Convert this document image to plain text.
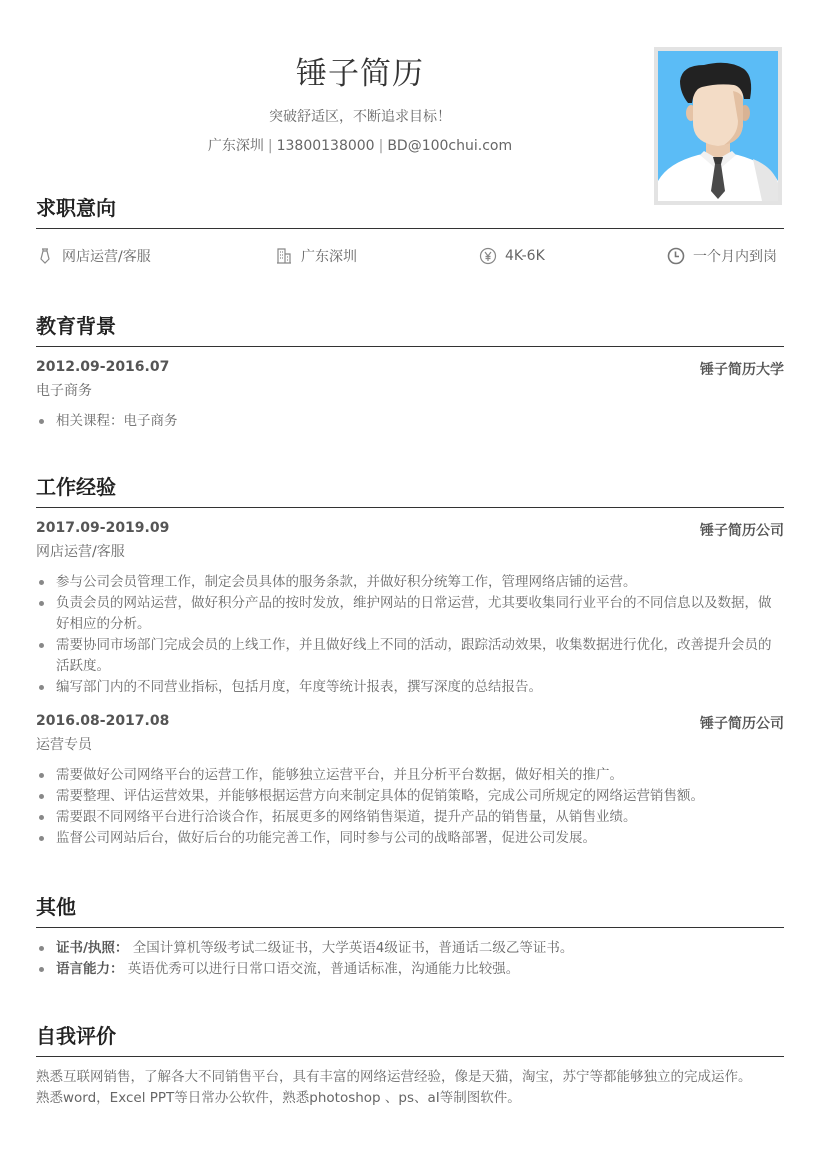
锤子简历
突破舒适区，不断追求目标！
广东深圳 | 13800138000 | BD@100chui.com
求职意向
网店运营/客服	广东深圳	4K-6K	一个月内到岗
教育背景
2012.09-2016.07	锤子简历大学
电子商务
相关课程：电子商务
工作经验
2017.09-2019.09	锤子简历公司
网店运营/客服
参与公司会员管理工作，制定会员具体的服务条款，并做好积分统筹工作，管理网络店铺的运营。
负责会员的网站运营，做好积分产品的按时发放，维护网站的日常运营，尤其要收集同行业平台的不同信息以及数据，做好相应的分析。
需要协同市场部门完成会员的上线工作，并且做好线上不同的活动，跟踪活动效果，收集数据进行优化，改善提升会员的活跃度。
编写部门内的不同营业指标，包括月度，年度等统计报表，撰写深度的总结报告。
2016.08-2017.08	锤子简历公司
运营专员
需要做好公司网络平台的运营工作，能够独立运营平台，并且分析平台数据，做好相关的推广。
需要整理、评估运营效果，并能够根据运营方向来制定具体的促销策略，完成公司所规定的网络运营销售额。
需要跟不同网络平台进行洽谈合作，拓展更多的网络销售渠道，提升产品的销售量，从销售业绩。
监督公司网站后台，做好后台的功能完善工作，同时参与公司的战略部署，促进公司发展。
其他
证书/执照： 全国计算机等级考试二级证书，大学英语4级证书，普通话二级乙等证书。
语言能力： 英语优秀可以进行日常口语交流，普通话标准，沟通能力比较强。
自我评价
熟悉互联网销售，了解各大不同销售平台，具有丰富的网络运营经验，像是天猫，淘宝，苏宁等都能够独立的完成运作。
熟悉word，Excel PPT等日常办公软件，熟悉photoshop 、ps、aI等制图软件。
